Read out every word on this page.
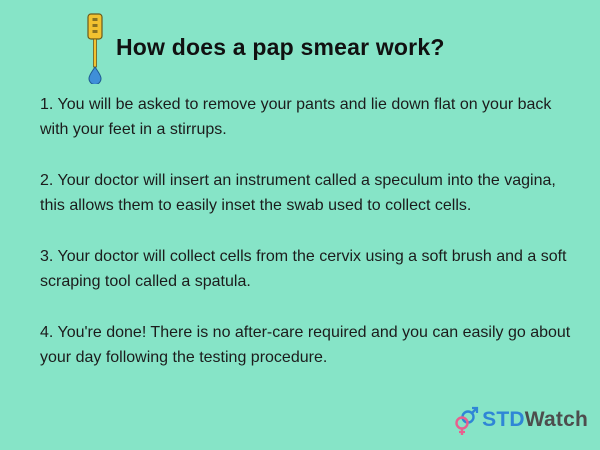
How does a pap smear work?
1. You will be asked to remove your pants and lie down flat on your back with your feet in a stirrups.
2. Your doctor will insert an instrument called a speculum into the vagina, this allows them to easily inset the swab used to collect cells.
3. Your doctor will collect cells from the cervix using a soft brush and a soft scraping tool called a spatula.
4. You're done! There is no after-care required and you can easily go about your day following the testing procedure.
STDWatch
